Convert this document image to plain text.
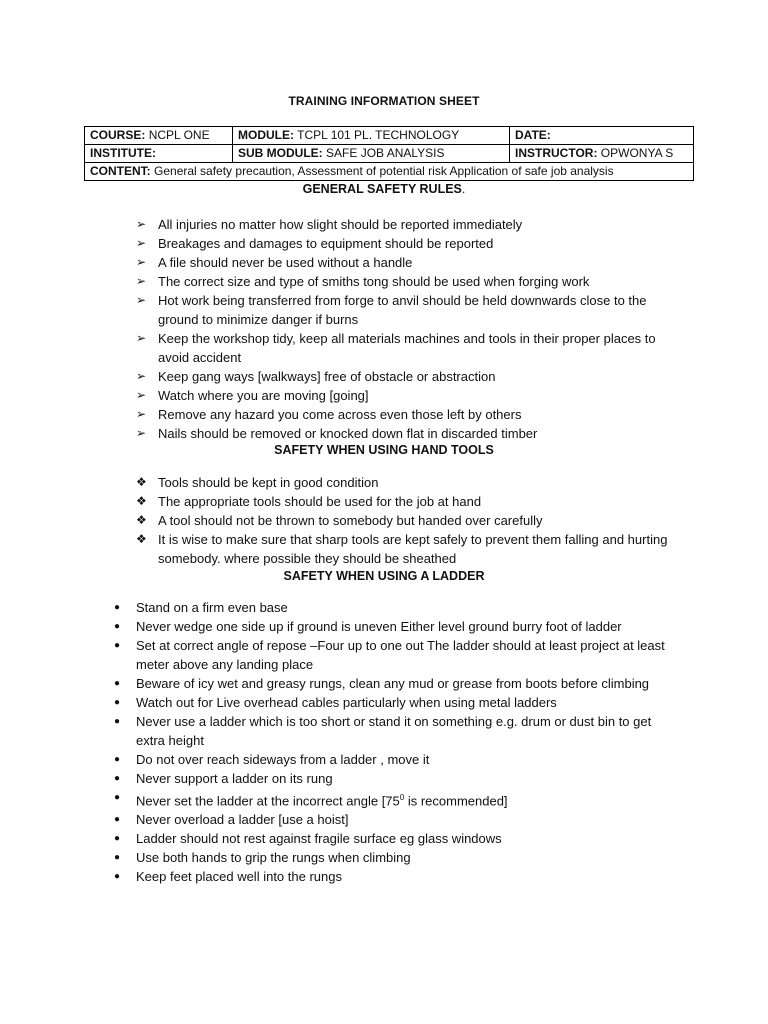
TRAINING INFORMATION SHEET
COURSE: NCPL ONE	MODULE: TCPL 101 PL. TECHNOLOGY	DATE:
INSTITUTE:	SUB MODULE: SAFE JOB ANALYSIS	INSTRUCTOR: OPWONYA S
CONTENT: General safety precaution, Assessment of potential risk Application of safe job analysis		
GENERAL SAFETY RULES.
➢ All injuries no matter how slight should be reported immediately
➢ Breakages and damages to equipment should be reported
➢ A file should never be used without a handle
➢ The correct size and type of smiths tong should be used when forging work
➢ Hot work being transferred from forge to anvil should be held downwards close to the ground to minimize danger if burns
➢ Keep the workshop tidy, keep all materials machines and tools in their proper places to avoid accident
➢ Keep gang ways [walkways] free of obstacle or abstraction
➢ Watch where you are moving [going]
➢ Remove any hazard you come across even those left by others
➢ Nails should be removed or knocked down flat in discarded timber
SAFETY WHEN USING HAND TOOLS
❖ Tools should be kept in good condition
❖ The appropriate tools should be used for the job at hand
❖ A tool should not be thrown to somebody but handed over carefully
❖ It is wise to make sure that sharp tools are kept safely to prevent them falling and hurting somebody. where possible they should be sheathed
SAFETY WHEN USING A LADDER
●	Stand on a firm even base
●	Never wedge one side up if ground is uneven Either level ground burry foot of ladder
●	Set at correct angle of repose –Four up to one out The ladder should at least project at least meter above any landing place
●	Beware of icy wet and greasy rungs, clean any mud or grease from boots before climbing
●	Watch out for Live overhead cables particularly when using metal ladders
●	Never use a ladder which is too short or stand it on something e.g. drum or dust bin to get extra height
●	Do not over reach sideways from a ladder , move it
●	Never support a ladder on its rung
●	Never set the ladder at the incorrect angle [$75^0$ is recommended]
●	Never overload a ladder [use a hoist]
●	Ladder should not rest against fragile surface eg glass windows
●	Use both hands to grip the rungs when climbing
●	Keep feet placed well into the rungs
